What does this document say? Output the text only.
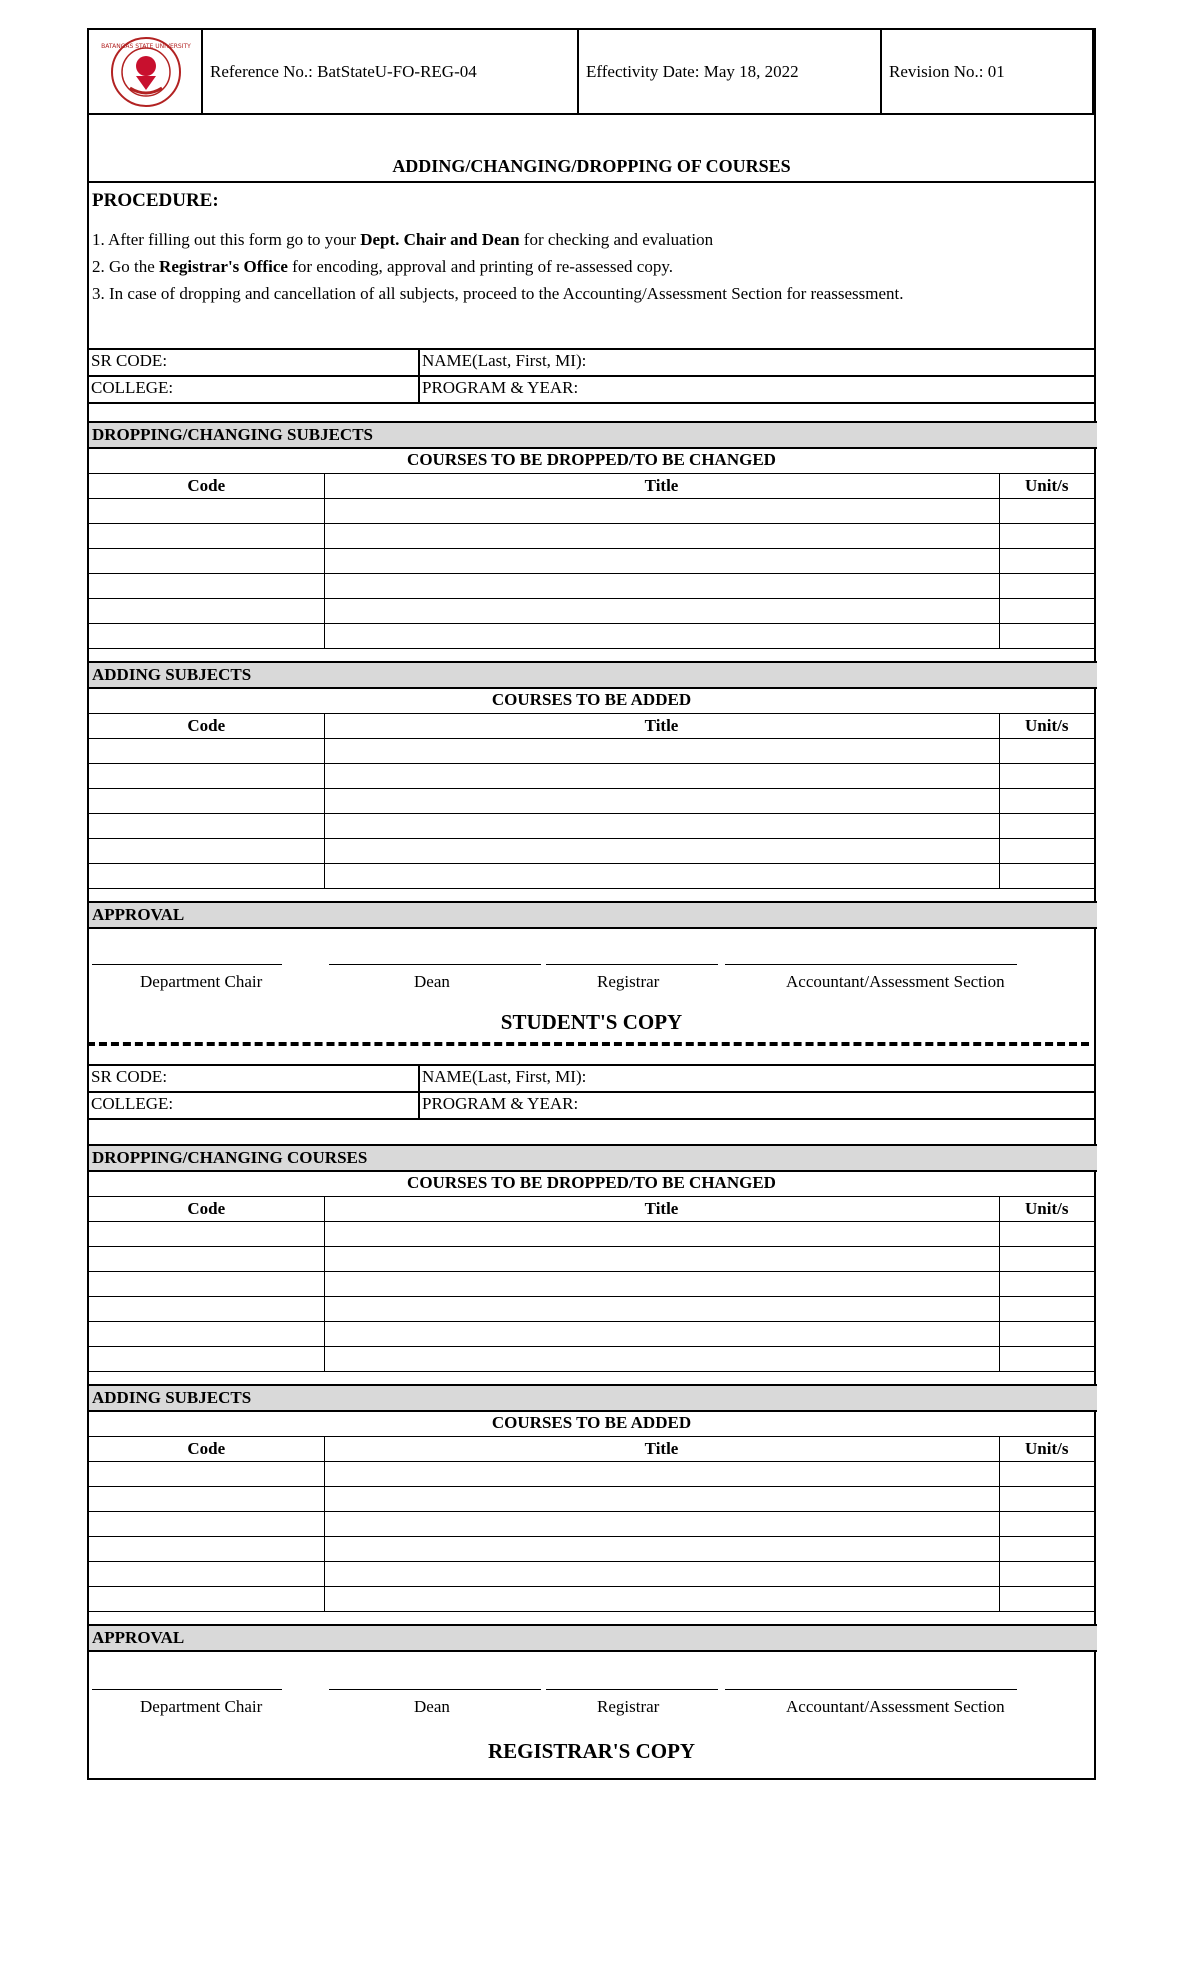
BATANGAS STATE UNIVERSITY
Reference No.: BatStateU-FO-REG-04	Effectivity Date: May 18, 2022	Revision No.: 01
ADDING/CHANGING/DROPPING OF COURSES
PROCEDURE:
1. After filling out this form go to your Dept. Chair and Dean for checking and evaluation
2. Go the Registrar's Office for encoding, approval and printing of re-assessed copy.
3. In case of dropping and cancellation of all subjects, proceed to the Accounting/Assessment Section for reassessment.
SR CODE:	NAME(Last, First, MI):
COLLEGE:	PROGRAM & YEAR:
DROPPING/CHANGING SUBJECTS
COURSES TO BE DROPPED/TO BE CHANGED
Code	Title	Unit/s

ADDING SUBJECTS
COURSES TO BE ADDED
Code	Title	Unit/s

APPROVAL
Department Chair	Dean	Registrar	Accountant/Assessment Section
STUDENT'S COPY
SR CODE:	NAME(Last, First, MI):
COLLEGE:	PROGRAM & YEAR:
DROPPING/CHANGING COURSES
COURSES TO BE DROPPED/TO BE CHANGED
Code	Title	Unit/s

ADDING SUBJECTS
COURSES TO BE ADDED
Code	Title	Unit/s

APPROVAL
Department Chair	Dean	Registrar	Accountant/Assessment Section
REGISTRAR'S COPY
